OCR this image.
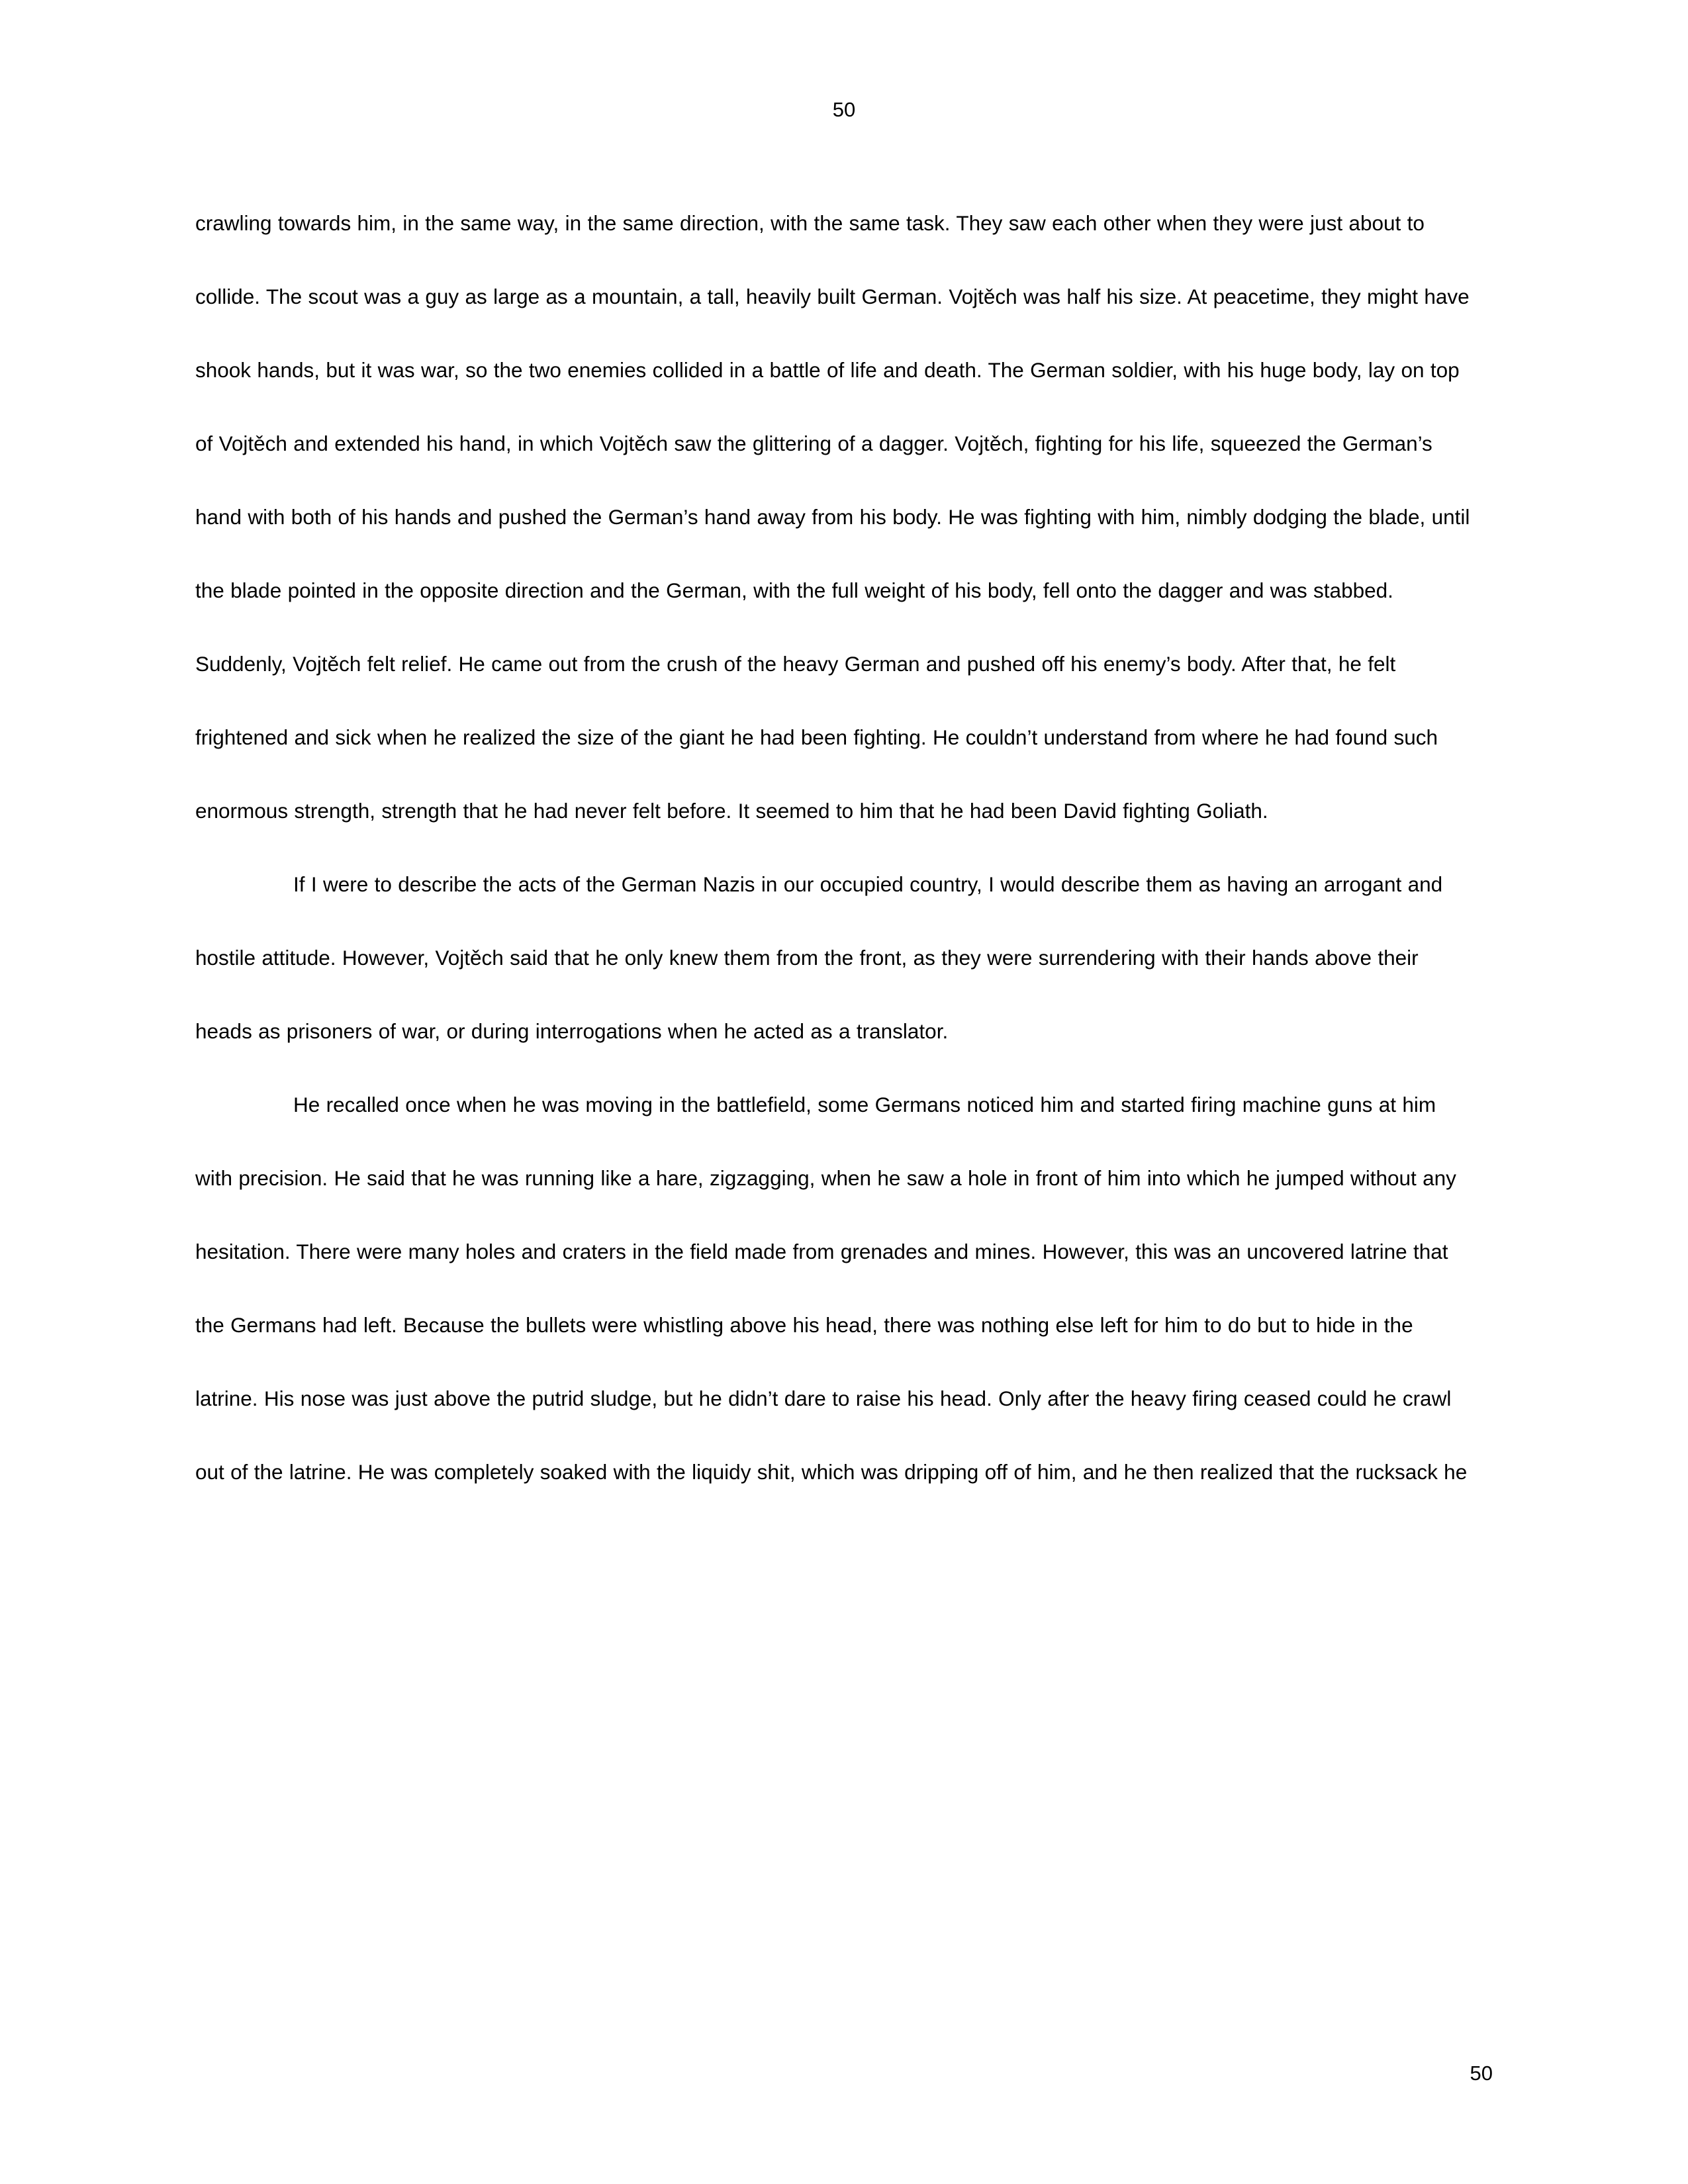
50

crawling towards him, in the same way, in the same direction, with the same task. They saw each other when they were just about to collide. The scout was a guy as large as a mountain, a tall, heavily built German. Vojtěch was half his size. At peacetime, they might have shook hands, but it was war, so the two enemies collided in a battle of life and death. The German soldier, with his huge body, lay on top of Vojtěch and extended his hand, in which Vojtěch saw the glittering of a dagger. Vojtěch, fighting for his life, squeezed the German’s hand with both of his hands and pushed the German’s hand away from his body. He was fighting with him, nimbly dodging the blade, until the blade pointed in the opposite direction and the German, with the full weight of his body, fell onto the dagger and was stabbed. Suddenly, Vojtěch felt relief. He came out from the crush of the heavy German and pushed off his enemy’s body. After that, he felt frightened and sick when he realized the size of the giant he had been fighting. He couldn’t understand from where he had found such enormous strength, strength that he had never felt before. It seemed to him that he had been David fighting Goliath.

If I were to describe the acts of the German Nazis in our occupied country, I would describe them as having an arrogant and hostile attitude. However, Vojtěch said that he only knew them from the front, as they were surrendering with their hands above their heads as prisoners of war, or during interrogations when he acted as a translator.

He recalled once when he was moving in the battlefield, some Germans noticed him and started firing machine guns at him with precision. He said that he was running like a hare, zigzagging, when he saw a hole in front of him into which he jumped without any hesitation. There were many holes and craters in the field made from grenades and mines. However, this was an uncovered latrine that the Germans had left. Because the bullets were whistling above his head, there was nothing else left for him to do but to hide in the latrine. His nose was just above the putrid sludge, but he didn’t dare to raise his head. Only after the heavy firing ceased could he crawl out of the latrine. He was completely soaked with the liquidy shit, which was dripping off of him, and he then realized that the rucksack he

50
